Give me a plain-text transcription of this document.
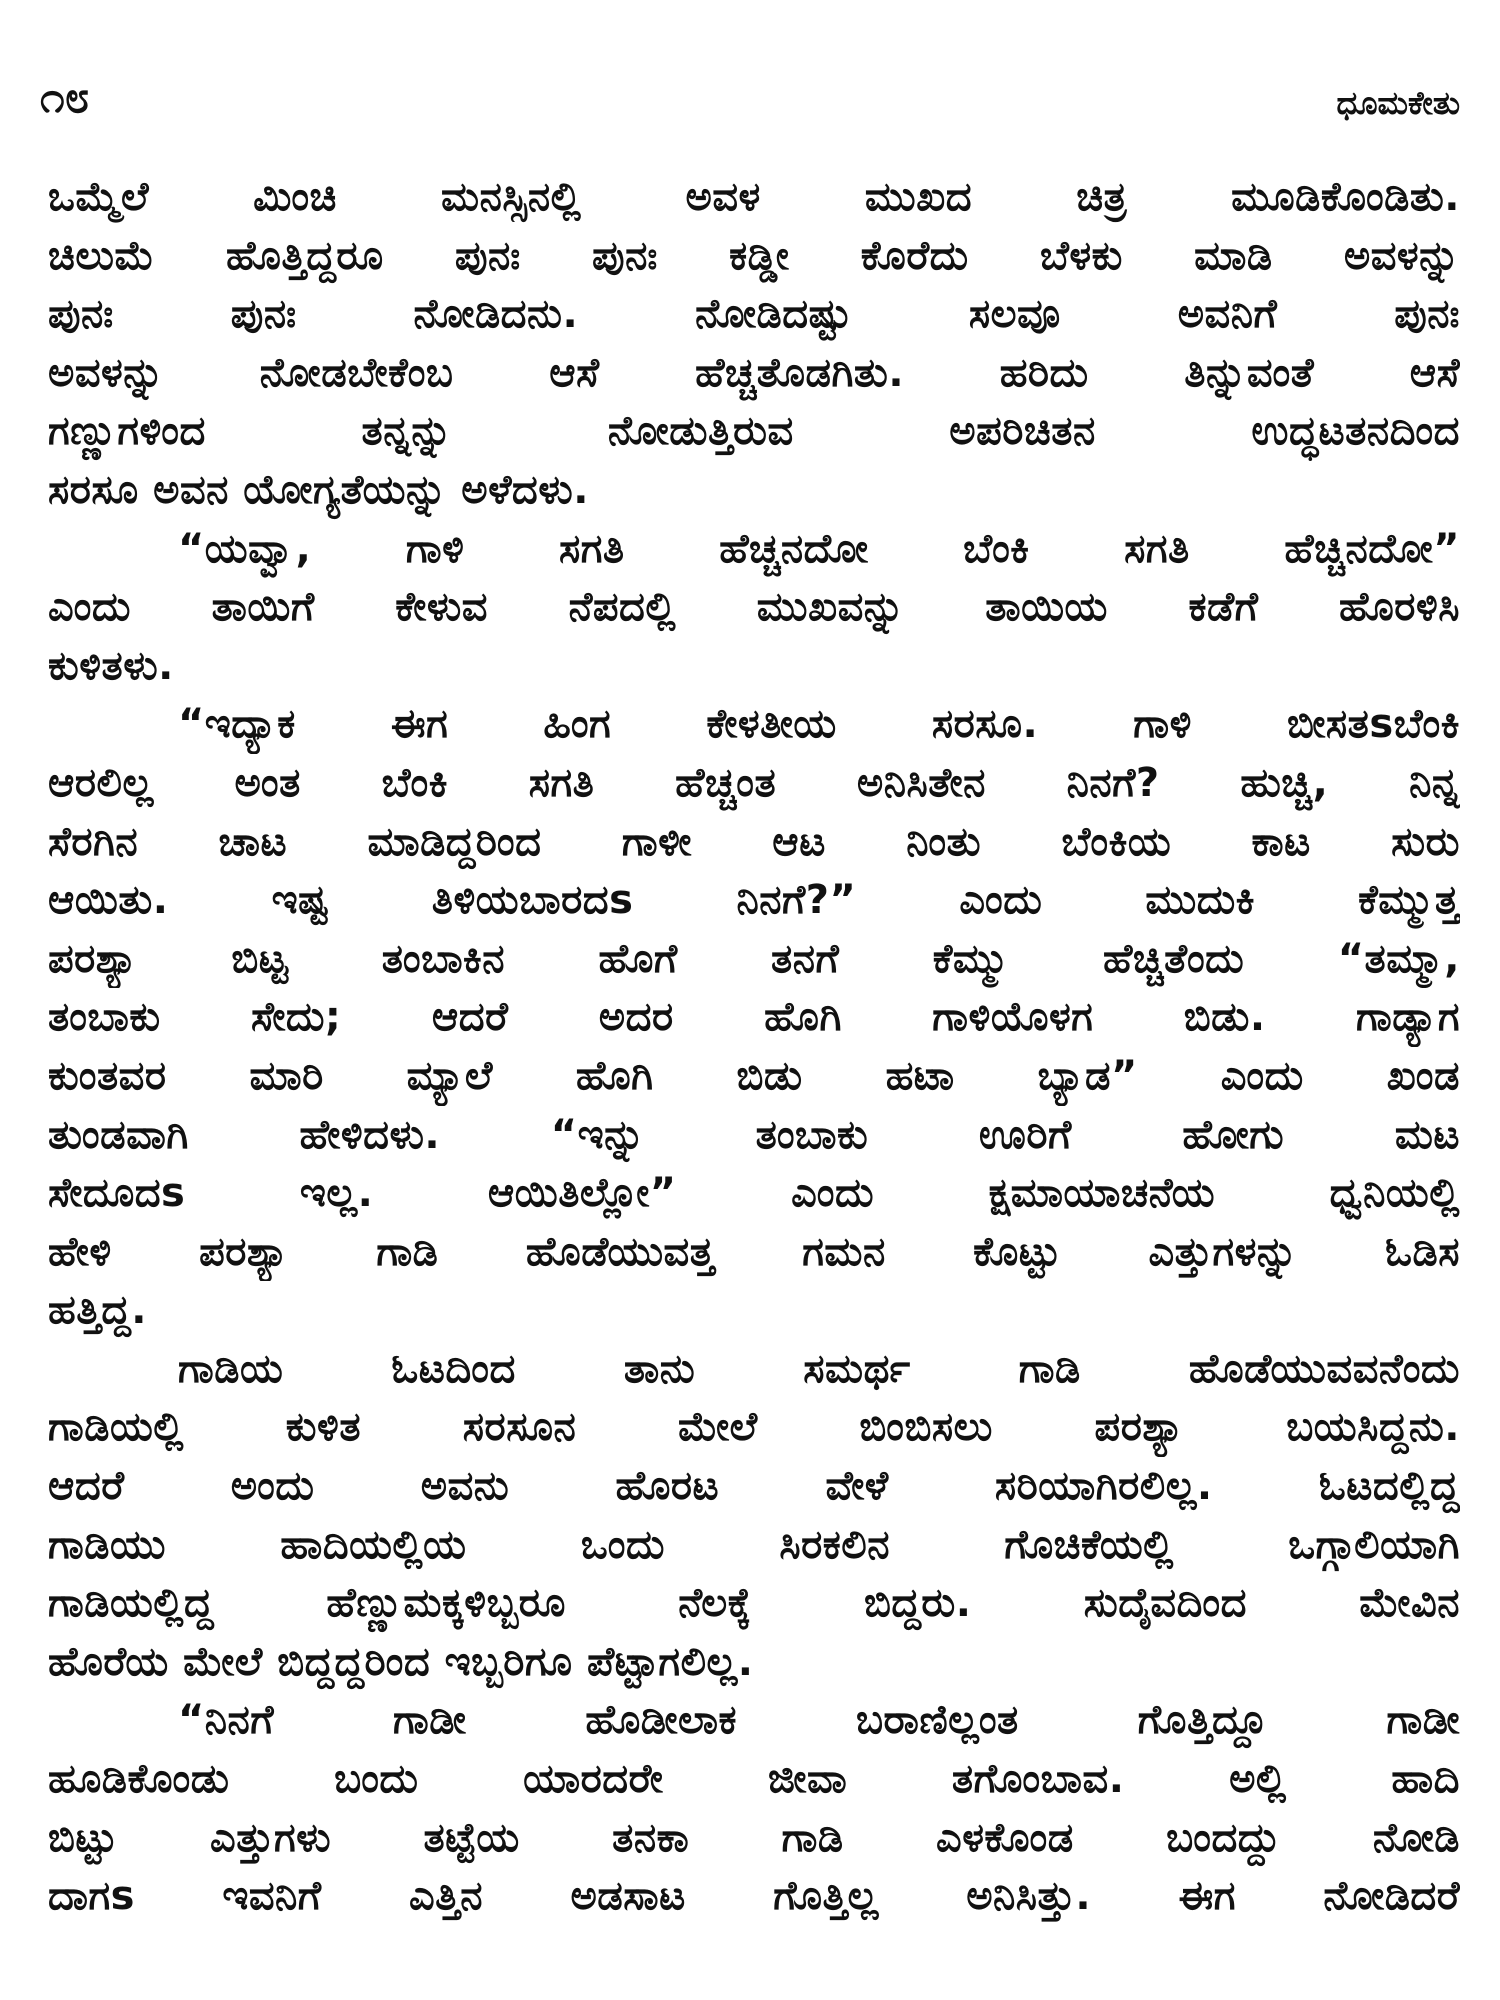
೧೮	ಧೂಮಕೇತು
ಒಮ್ಮೆಲೆ ಮಿಂಚಿ ಮನಸ್ಸಿನಲ್ಲಿ ಅವಳ ಮುಖದ ಚಿತ್ರ ಮೂಡಿಕೊಂಡಿತು.
ಚಿಲುಮೆ ಹೊತ್ತಿದ್ದರೂ ಪುನಃ ಪುನಃ ಕಡ್ಡೀ ಕೊರೆದು ಬೆಳಕು ಮಾಡಿ ಅವಳನ್ನು
ಪುನಃ ಪುನಃ ನೋಡಿದನು. ನೋಡಿದಷ್ಟು ಸಲವೂ ಅವನಿಗೆ ಪುನಃ
ಅವಳನ್ನು ನೋಡಬೇಕೆಂಬ ಆಸೆ ಹೆಚ್ಚತೊಡಗಿತು. ಹರಿದು ತಿನ್ನುವಂತೆ ಆಸೆ
ಗಣ್ಣುಗಳಿಂದ ತನ್ನನ್ನು ನೋಡುತ್ತಿರುವ ಅಪರಿಚಿತನ ಉದ್ಧಟತನದಿಂದ
ಸರಸೂ ಅವನ ಯೋಗ್ಯತೆಯನ್ನು ಅಳೆದಳು.
“ಯವ್ವಾ, ಗಾಳಿ ಸಗತಿ ಹೆಚ್ಚನದೋ ಬೆಂಕಿ ಸಗತಿ ಹೆಚ್ಚಿನದೋ”
ಎಂದು ತಾಯಿಗೆ ಕೇಳುವ ನೆಪದಲ್ಲಿ ಮುಖವನ್ನು ತಾಯಿಯ ಕಡೆಗೆ ಹೊರಳಿಸಿ
ಕುಳಿತಳು.
“ಇದ್ಯಾಕ ಈಗ ಹಿಂಗ ಕೇಳತೀಯ ಸರಸೂ. ಗಾಳಿ ಬೀಸತsಬೆಂಕಿ
ಆರಲಿಲ್ಲ ಅಂತ ಬೆಂಕಿ ಸಗತಿ ಹೆಚ್ಚಂತ ಅನಿಸಿತೇನ ನಿನಗೆ? ಹುಚ್ಚಿ, ನಿನ್ನ
ಸೆರಗಿನ ಚಾಟ ಮಾಡಿದ್ದರಿಂದ ಗಾಳೀ ಆಟ ನಿಂತು ಬೆಂಕಿಯ ಕಾಟ ಸುರು
ಆಯಿತು. ಇಷ್ಟ ತಿಳಿಯಬಾರದs ನಿನಗೆ?” ಎಂದು ಮುದುಕಿ ಕೆಮ್ಮುತ್ತ
ಪರಶ್ಯಾ ಬಿಟ್ಟ ತಂಬಾಕಿನ ಹೊಗೆ ತನಗೆ ಕೆಮ್ಮು ಹೆಚ್ಚಿತೆಂದು “ತಮ್ಮಾ,
ತಂಬಾಕು ಸೇದು; ಆದರೆ ಅದರ ಹೊಗಿ ಗಾಳಿಯೊಳಗ ಬಿಡು. ಗಾಡ್ಯಾಗ
ಕುಂತವರ ಮಾರಿ ಮ್ಯಾಲೆ ಹೊಗಿ ಬಿಡು ಹಟಾ ಬ್ಯಾಡ” ಎಂದು ಖಂಡ
ತುಂಡವಾಗಿ ಹೇಳಿದಳು. “ಇನ್ನು ತಂಬಾಕು ಊರಿಗೆ ಹೋಗು ಮಟ
ಸೇದೂದs ಇಲ್ಲ. ಆಯಿತಿಲ್ಲೋ” ಎಂದು ಕ್ಷಮಾಯಾಚನೆಯ ಧ್ವನಿಯಲ್ಲಿ
ಹೇಳಿ ಪರಶ್ಯಾ ಗಾಡಿ ಹೊಡೆಯುವತ್ತ ಗಮನ ಕೊಟ್ಟು ಎತ್ತುಗಳನ್ನು ಓಡಿಸ
ಹತ್ತಿದ್ದ.
ಗಾಡಿಯ ಓಟದಿಂದ ತಾನು ಸಮರ್ಥ ಗಾಡಿ ಹೊಡೆಯುವವನೆಂದು
ಗಾಡಿಯಲ್ಲಿ ಕುಳಿತ ಸರಸೂನ ಮೇಲೆ ಬಿಂಬಿಸಲು ಪರಶ್ಯಾ ಬಯಸಿದ್ದನು.
ಆದರೆ ಅಂದು ಅವನು ಹೊರಟ ವೇಳೆ ಸರಿಯಾಗಿರಲಿಲ್ಲ. ಓಟದಲ್ಲಿದ್ದ
ಗಾಡಿಯು ಹಾದಿಯಲ್ಲಿಯ ಒಂದು ಸಿರಕಲಿನ ಗೊಚಿಕೆಯಲ್ಲಿ ಒಗ್ಗಾಲಿಯಾಗಿ
ಗಾಡಿಯಲ್ಲಿದ್ದ ಹೆಣ್ಣುಮಕ್ಕಳಿಬ್ಬರೂ ನೆಲಕ್ಕೆ ಬಿದ್ದರು. ಸುದೈವದಿಂದ ಮೇವಿನ
ಹೊರೆಯ ಮೇಲೆ ಬಿದ್ದದ್ದರಿಂದ ಇಬ್ಬರಿಗೂ ಪೆಟ್ಟಾಗಲಿಲ್ಲ.
“ನಿನಗೆ ಗಾಡೀ ಹೊಡೀಲಾಕ ಬರಾಣಿಲ್ಲಂತ ಗೊತ್ತಿದ್ದೂ ಗಾಡೀ
ಹೂಡಿಕೊಂಡು ಬಂದು ಯಾರದರೇ ಜೀವಾ ತಗೊಂಬಾವ. ಅಲ್ಲಿ ಹಾದಿ
ಬಿಟ್ಟು ಎತ್ತುಗಳು ತಟ್ಟೆಯ ತನಕಾ ಗಾಡಿ ಎಳಕೊಂಡ ಬಂದದ್ದು ನೋಡಿ
ದಾಗs ಇವನಿಗೆ ಎತ್ತಿನ ಅಡಸಾಟ ಗೊತ್ತಿಲ್ಲ ಅನಿಸಿತ್ತು. ಈಗ ನೋಡಿದರೆ
